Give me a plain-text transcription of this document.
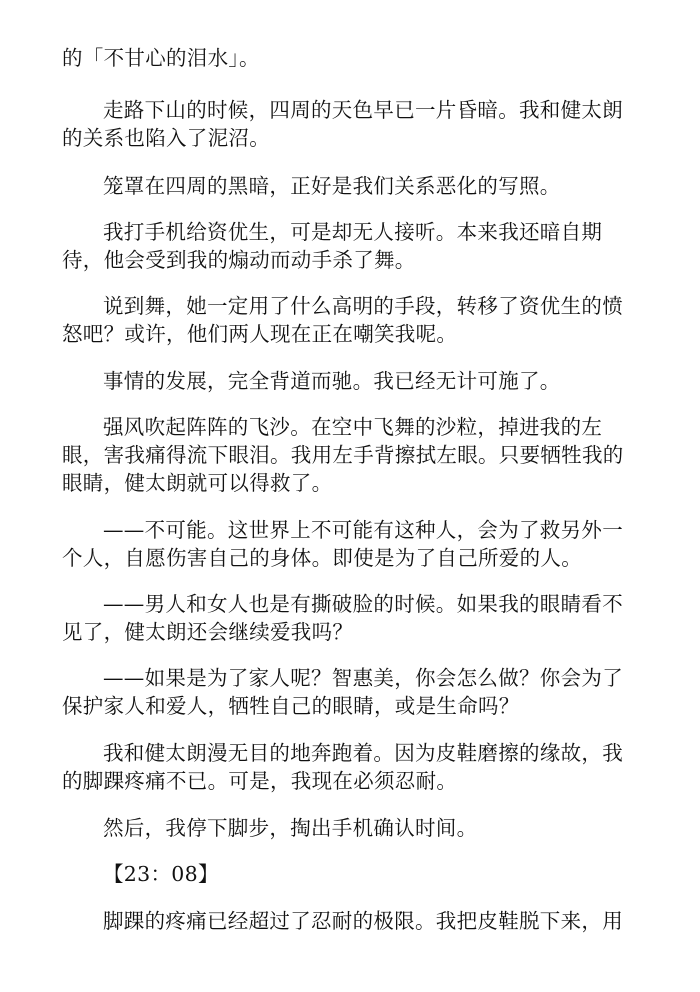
的「不甘心的泪水」。

走路下山的时候，四周的天色早已一片昏暗。我和健太朗
的关系也陷入了泥沼。

笼罩在四周的黑暗，正好是我们关系恶化的写照。

我打手机给资优生，可是却无人接听。本来我还暗自期
待，他会受到我的煽动而动手杀了舞。

说到舞，她一定用了什么高明的手段，转移了资优生的愤
怒吧？或许，他们两人现在正在嘲笑我呢。

事情的发展，完全背道而驰。我已经无计可施了。

强风吹起阵阵的飞沙。在空中飞舞的沙粒，掉进我的左
眼，害我痛得流下眼泪。我用左手背擦拭左眼。只要牺牲我的
眼睛，健太朗就可以得救了。

——不可能。这世界上不可能有这种人，会为了救另外一
个人，自愿伤害自己的身体。即使是为了自己所爱的人。

——男人和女人也是有撕破脸的时候。如果我的眼睛看不
见了，健太朗还会继续爱我吗？

——如果是为了家人呢？智惠美，你会怎么做？你会为了
保护家人和爱人，牺牲自己的眼睛，或是生命吗？

我和健太朗漫无目的地奔跑着。因为皮鞋磨擦的缘故，我
的脚踝疼痛不已。可是，我现在必须忍耐。

然后，我停下脚步，掏出手机确认时间。

【23：08】

脚踝的疼痛已经超过了忍耐的极限。我把皮鞋脱下来，用
